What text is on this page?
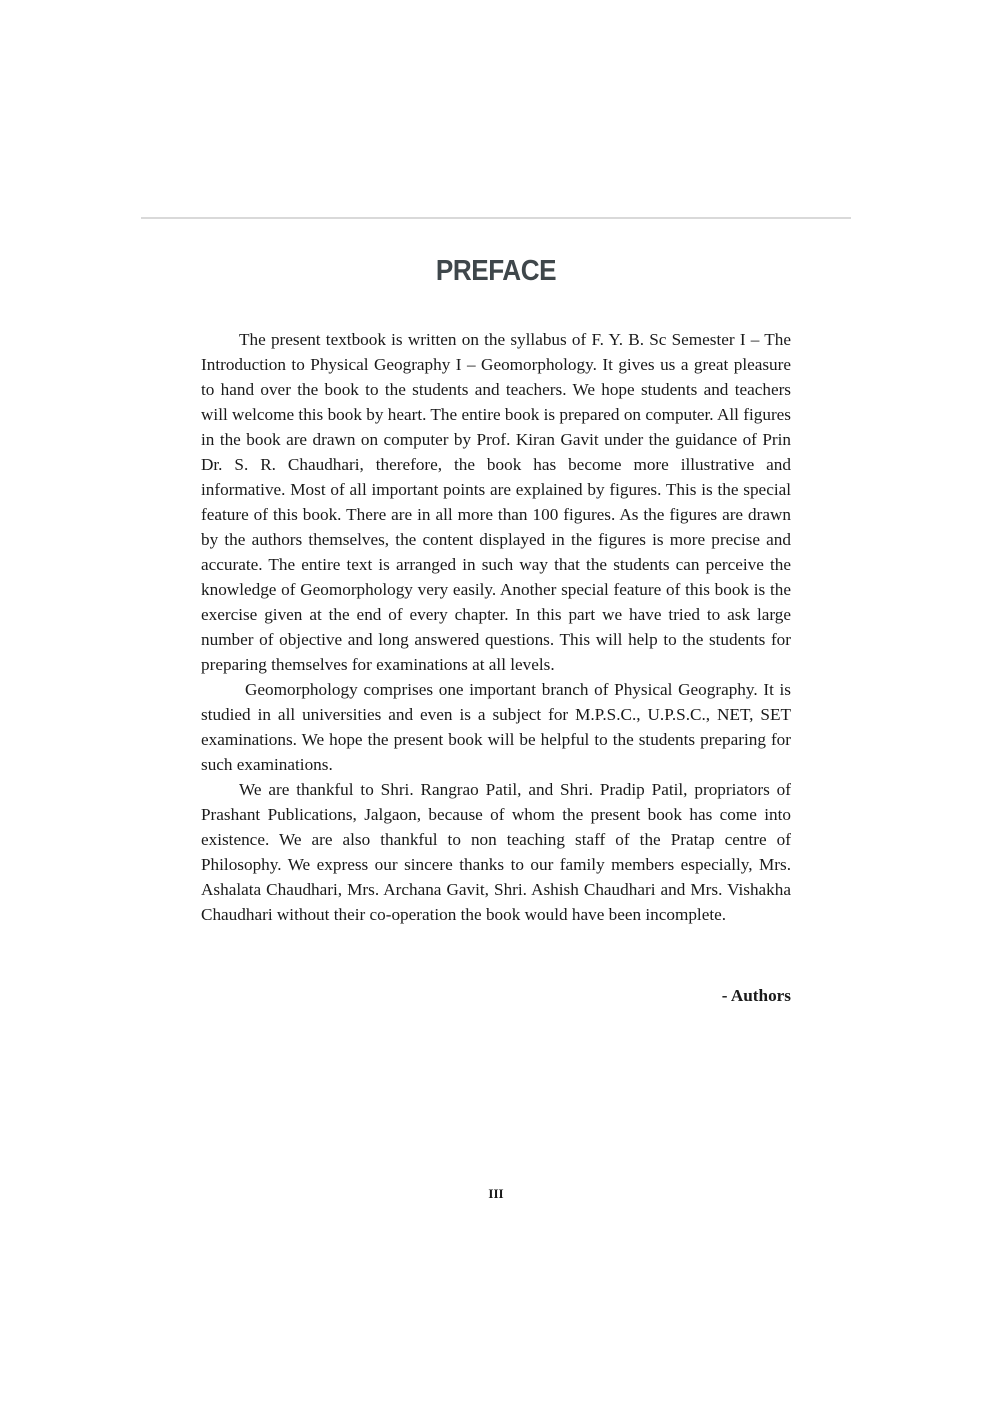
PREFACE

The present textbook is written on the syllabus of F. Y. B. Sc Semester I – The Introduction to Physical Geography I – Geomorphology. It gives us a great pleasure to hand over the book to the students and teachers. We hope students and teachers will welcome this book by heart. The entire book is prepared on computer. All figures in the book are drawn on computer by Prof. Kiran Gavit under the guidance of Prin Dr. S. R. Chaudhari, therefore, the book has become more illustrative and informative. Most of all important points are explained by figures. This is the special feature of this book. There are in all more than 100 figures. As the figures are drawn by the authors themselves, the content displayed in the figures is more precise and accurate. The entire text is arranged in such way that the students can perceive the knowledge of Geomorphology very easily. Another special feature of this book is the exercise given at the end of every chapter. In this part we have tried to ask large number of objective and long answered questions. This will help to the students for preparing themselves for examinations at all levels.

Geomorphology comprises one important branch of Physical Geography. It is studied in all universities and even is a subject for M.P.S.C., U.P.S.C., NET, SET examinations. We hope the present book will be helpful to the students preparing for such examinations.

We are thankful to Shri. Rangrao Patil, and Shri. Pradip Patil, propriators of Prashant Publications, Jalgaon, because of whom the present book has come into existence. We are also thankful to non teaching staff of the Pratap centre of Philosophy. We express our sincere thanks to our family members especially, Mrs. Ashalata Chaudhari, Mrs. Archana Gavit, Shri. Ashish Chaudhari and Mrs. Vishakha Chaudhari without their co-operation the book would have been incomplete.

- Authors
III
